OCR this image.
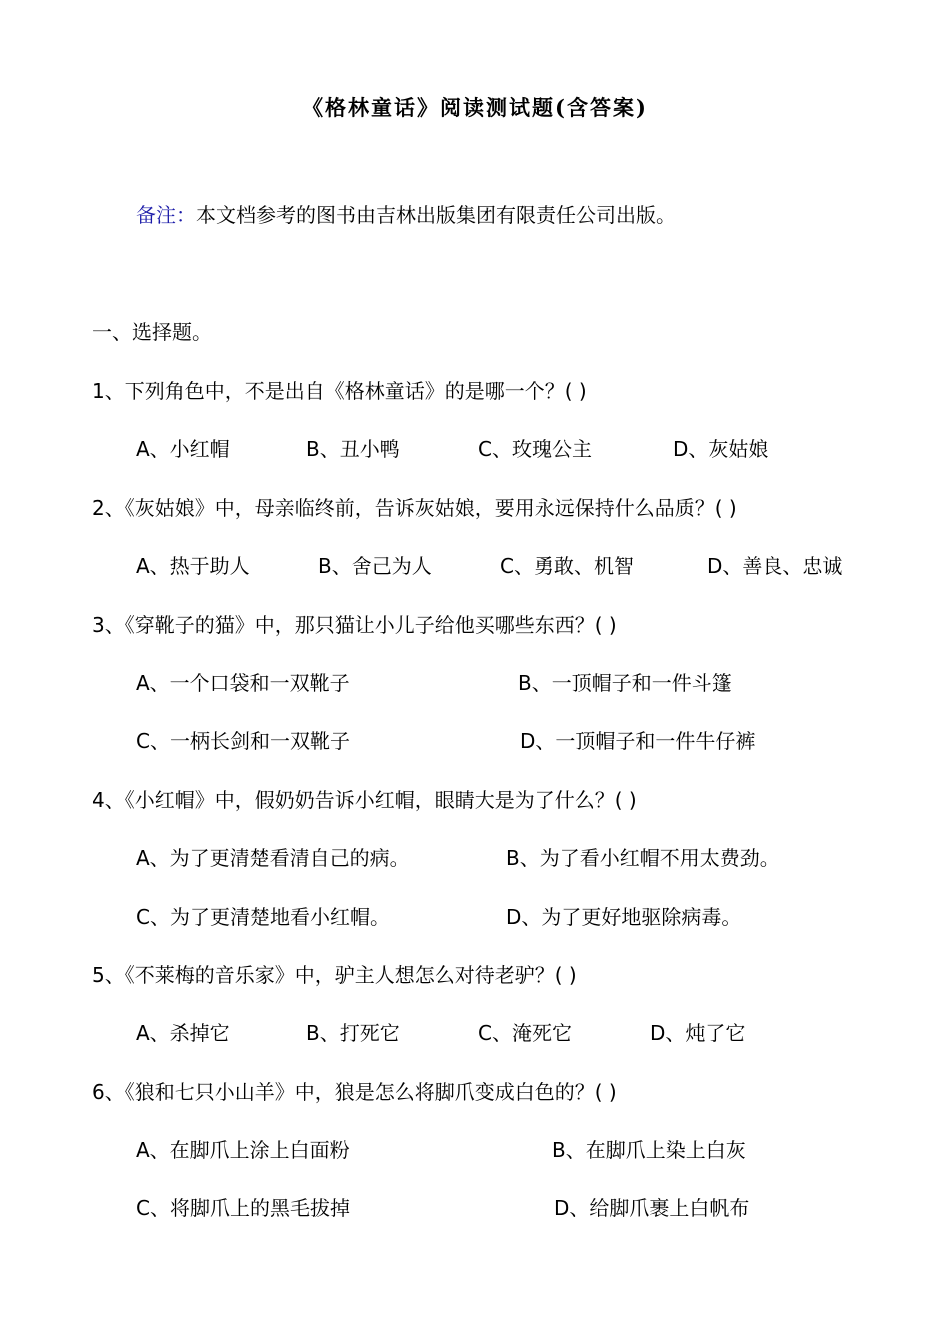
《格林童话》阅读测试题(含答案)
备注：本文档参考的图书由吉林出版集团有限责任公司出版。
一、选择题。
1、下列角色中，不是出自《格林童话》的是哪一个？( )
A、小红帽	B、丑小鸭	C、玫瑰公主	D、灰姑娘
2、《灰姑娘》中，母亲临终前，告诉灰姑娘，要用永远保持什么品质？( )
A、热于助人	B、舍己为人	C、勇敢、机智	D、善良、忠诚
3、《穿靴子的猫》中，那只猫让小儿子给他买哪些东西？( )
A、一个口袋和一双靴子	B、一顶帽子和一件斗篷
C、一柄长剑和一双靴子	D、一顶帽子和一件牛仔裤
4、《小红帽》中，假奶奶告诉小红帽，眼睛大是为了什么？( )
A、为了更清楚看清自己的病。	B、为了看小红帽不用太费劲。
C、为了更清楚地看小红帽。	D、为了更好地驱除病毒。
5、《不莱梅的音乐家》中，驴主人想怎么对待老驴？( )
A、杀掉它	B、打死它	C、淹死它	D、炖了它
6、《狼和七只小山羊》中，狼是怎么将脚爪变成白色的？( )
A、在脚爪上涂上白面粉	B、在脚爪上染上白灰
C、将脚爪上的黑毛拔掉	D、给脚爪裹上白帆布
